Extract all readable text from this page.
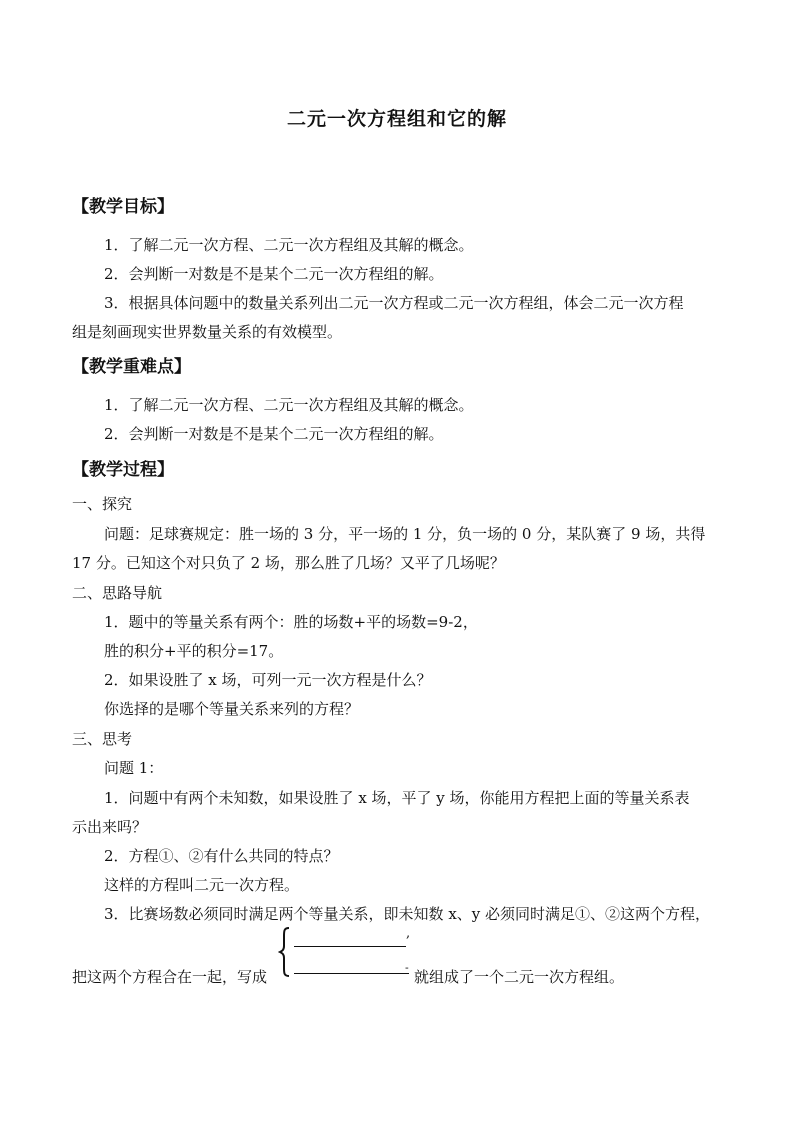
二元一次方程组和它的解
【教学目标】
1．了解二元一次方程、二元一次方程组及其解的概念。
2．会判断一对数是不是某个二元一次方程组的解。
3．根据具体问题中的数量关系列出二元一次方程或二元一次方程组，体会二元一次方程
组是刻画现实世界数量关系的有效模型。
【教学重难点】
1．了解二元一次方程、二元一次方程组及其解的概念。
2．会判断一对数是不是某个二元一次方程组的解。
【教学过程】
一、探究
问题：足球赛规定：胜一场的 3 分，平一场的 1 分，负一场的 0 分，某队赛了 9 场，共得
17 分。已知这个对只负了 2 场，那么胜了几场？又平了几场呢？
二、思路导航
1．题中的等量关系有两个：胜的场数+平的场数=9-2，
胜的积分+平的积分=17。
2．如果设胜了 x 场，可列一元一次方程是什么？
你选择的是哪个等量关系来列的方程？
三、思考
问题 1：
1．问题中有两个未知数，如果设胜了 x 场，平了 y 场，你能用方程把上面的等量关系表
示出来吗？
2．方程①、②有什么共同的特点？
这样的方程叫二元一次方程。
3．比赛场数必须同时满足两个等量关系，即未知数 x、y 必须同时满足①、②这两个方程，
把这两个方程合在一起，写成
,
-
就组成了一个二元一次方程组。
